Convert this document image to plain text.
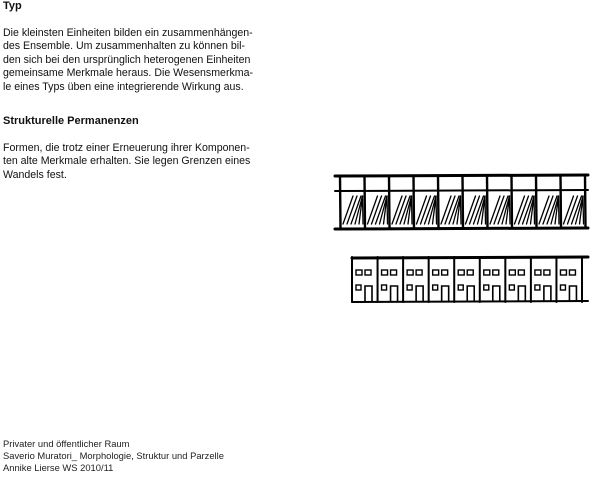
Typ
Die kleinsten Einheiten bilden ein zusammenhängen-
des Ensemble. Um zusammenhalten zu können bil-
den sich bei den ursprünglich heterogenen Einheiten
gemeinsame Merkmale heraus. Die Wesensmerkma-
le eines Typs üben eine integrierende Wirkung aus.
Strukturelle Permanenzen
Formen, die trotz einer Erneuerung ihrer Komponen-
ten alte Merkmale erhalten. Sie legen Grenzen eines
Wandels fest.
Privater und öffentlicher Raum
Saverio Muratori_ Morphologie, Struktur und Parzelle
Annike Lierse WS 2010/11
